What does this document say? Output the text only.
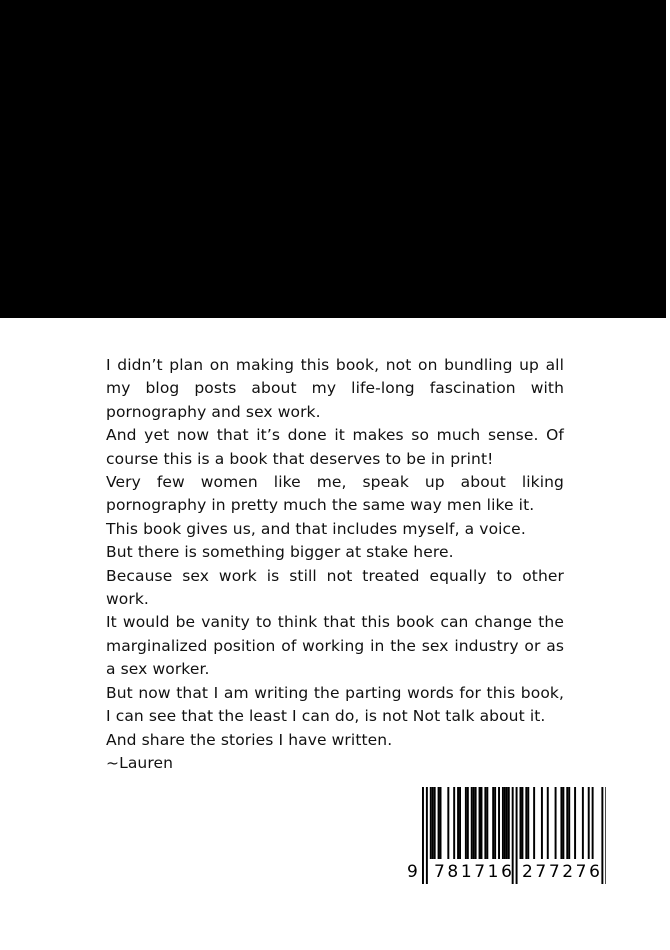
I didn’t plan on making this book, not on bundling up all my blog posts about my life-long fascination with pornography and sex work.

And yet now that it’s done it makes so much sense. Of course this is a book that deserves to be in print!

Very few women like me, speak up about liking pornography in pretty much the same way men like it.

This book gives us, and that includes myself, a voice.

But there is something bigger at stake here.

Because sex work is still not treated equally to other work.

It would be vanity to think that this book can change the marginalized position of working in the sex industry or as a sex worker.

But now that I am writing the parting words for this book, I can see that the least I can do, is not Not talk about it.

And share the stories I have written.

~Lauren

9 781716 277276
